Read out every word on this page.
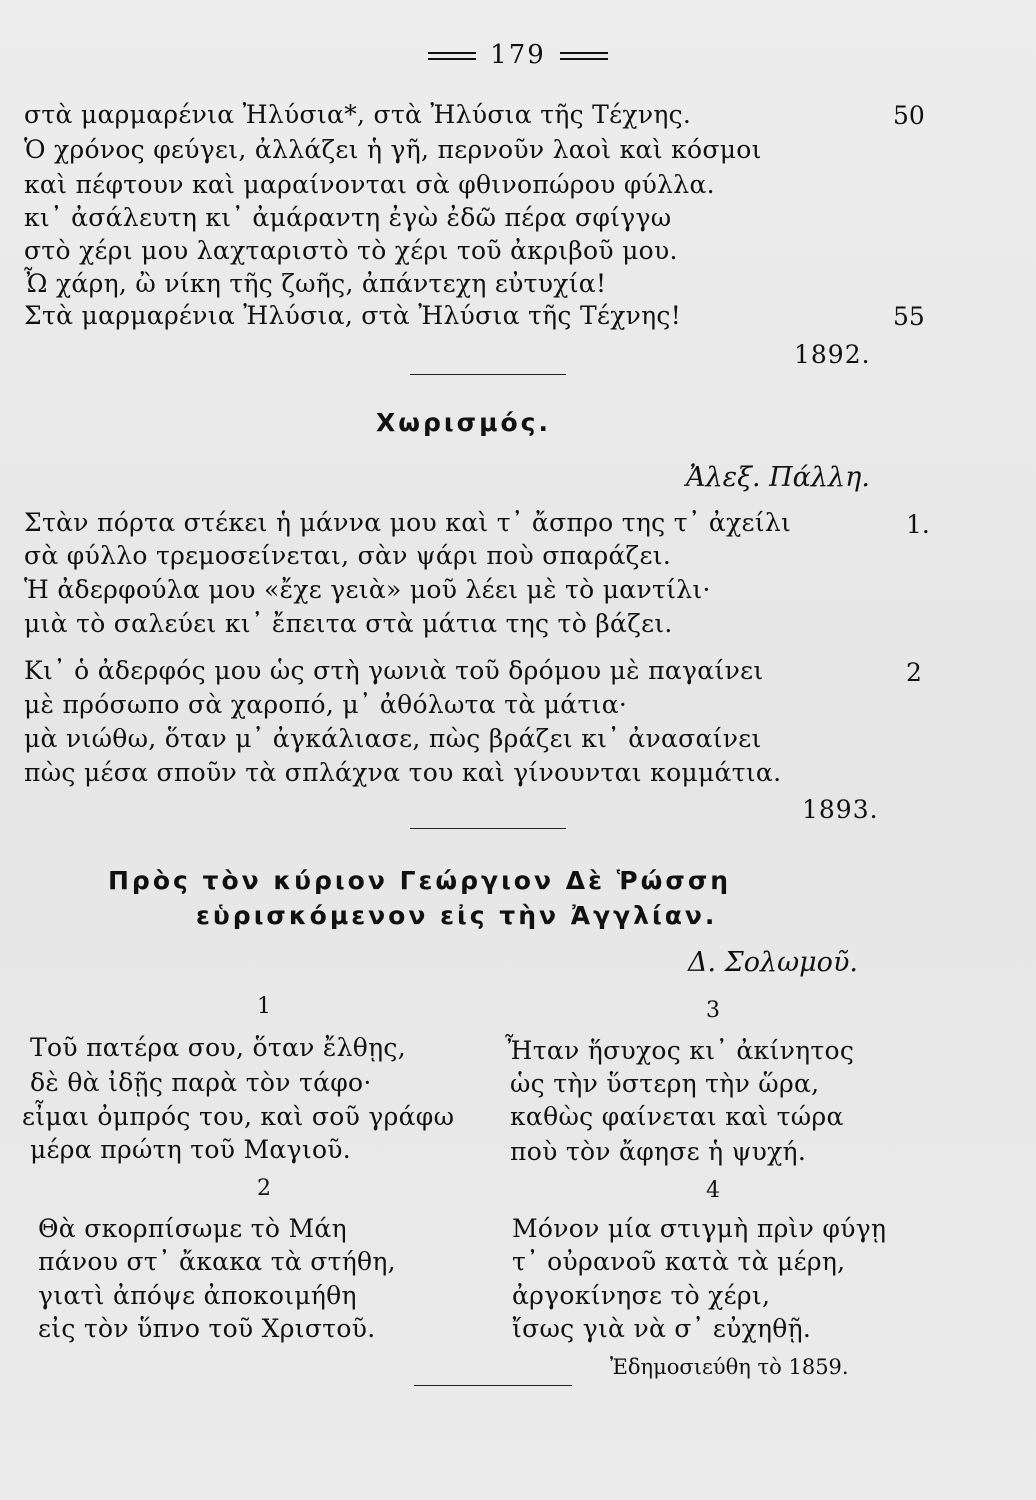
179
στὰ μαρμαρένια Ἠλύσια*, στὰ Ἠλύσια τῆς Τέχνης.	50
Ὁ χρόνος φεύγει, ἀλλάζει ἡ γῆ, περνοῦν λαοὶ καὶ κόσμοι
καὶ πέφτουν καὶ μαραίνονται σὰ φθινοπώρου φύλλα.
κι᾿ ἀσάλευτη κι᾿ ἀμάραντη ἐγὼ ἐδῶ πέρα σφίγγω
στὸ χέρι μου λαχταριστὸ τὸ χέρι τοῦ ἀκριβοῦ μου.
Ὦ χάρη, ὢ νίκη τῆς ζωῆς, ἀπάντεχη εὐτυχία!
Στὰ μαρμαρένια Ἠλύσια, στὰ Ἠλύσια τῆς Τέχνης!	55
1892.
Χωρισμός.
Ἀλεξ. Πάλλη.
Στὰν πόρτα στέκει ἡ μάννα μου καὶ τ᾿ ἄσπρο της τ᾿ ἀχείλι	1.
σὰ φύλλο τρεμοσείνεται, σὰν ψάρι ποὺ σπαράζει.
Ἡ ἀδερφούλα μου «ἔχε γειὰ» μοῦ λέει μὲ τὸ μαντίλι·
μιὰ τὸ σαλεύει κι᾿ ἔπειτα στὰ μάτια της τὸ βάζει.
Κι᾿ ὁ ἀδερφός μου ὡς στὴ γωνιὰ τοῦ δρόμου μὲ παγαίνει	2
μὲ πρόσωπο σὰ χαροπό, μ᾿ ἀθόλωτα τὰ μάτια·
μὰ νιώθω, ὅταν μ᾿ ἀγκάλιασε, πὼς βράζει κι᾿ ἀνασαίνει
πὼς μέσα σποῦν τὰ σπλάχνα του καὶ γίνουνται κομμάτια.
1893.
Πρὸς τὸν κύριον Γεώργιον Δὲ Ῥώσση
εὑρισκόμενον εἰς τὴν Ἀγγλίαν.
Δ. Σολωμοῦ.
1
Τοῦ πατέρα σου, ὅταν ἔλθῃς,
δὲ θὰ ἰδῇς παρὰ τὸν τάφο·
εἶμαι ὀμπρός του, καὶ σοῦ γράφω
μέρα πρώτη τοῦ Μαγιοῦ.
3
Ἦταν ἥσυχος κι᾿ ἀκίνητος
ὡς τὴν ὕστερη τὴν ὥρα,
καθὼς φαίνεται καὶ τώρα
ποὺ τὸν ἄφησε ἡ ψυχή.
2
Θὰ σκορπίσωμε τὸ Μάη
πάνου στ᾿ ἄκακα τὰ στήθη,
γιατὶ ἀπόψε ἀποκοιμήθη
εἰς τὸν ὕπνο τοῦ Χριστοῦ.
4
Μόνον μία στιγμὴ πρὶν φύγῃ
τ᾿ οὐρανοῦ κατὰ τὰ μέρη,
ἀργοκίνησε τὸ χέρι,
ἴσως γιὰ νὰ σ᾿ εὐχηθῇ.
Ἐδημοσιεύθη τὸ 1859.
